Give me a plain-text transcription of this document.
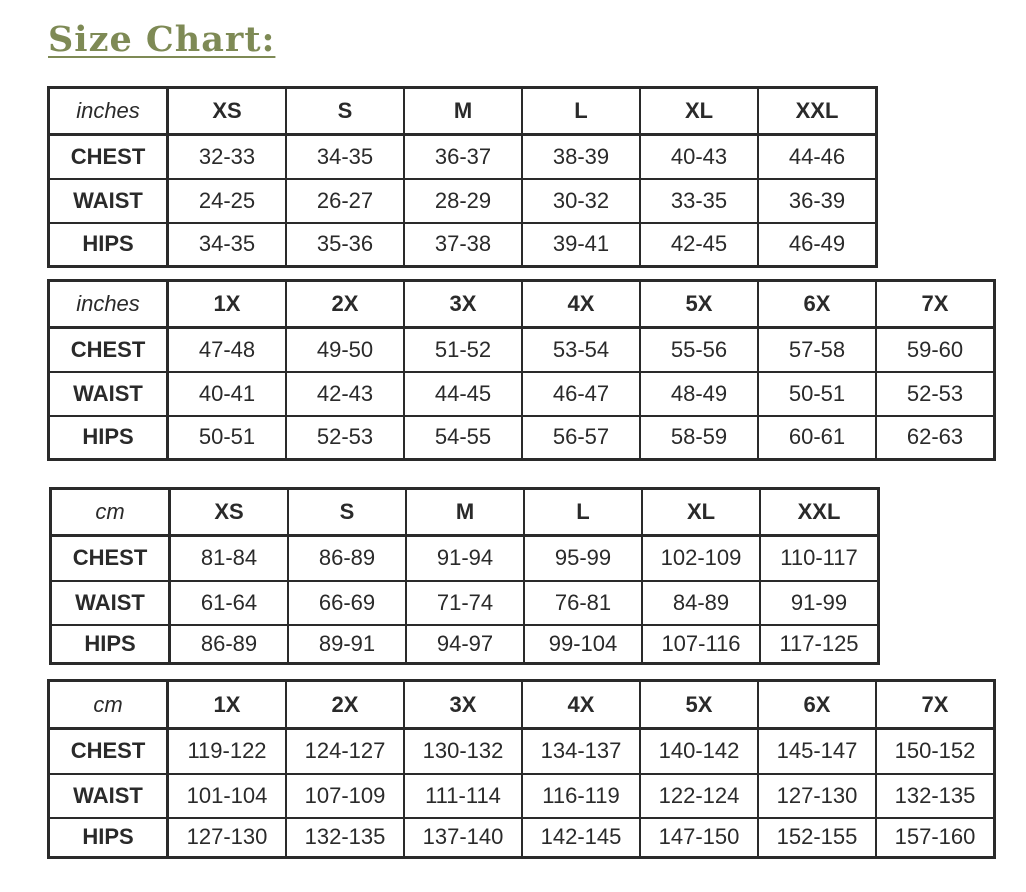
Size Chart:
inches	XS	S	M	L	XL	XXL
CHEST	32-33	34-35	36-37	38-39	40-43	44-46
WAIST	24-25	26-27	28-29	30-32	33-35	36-39
HIPS	34-35	35-36	37-38	39-41	42-45	46-49
inches	1X	2X	3X	4X	5X	6X	7X
CHEST	47-48	49-50	51-52	53-54	55-56	57-58	59-60
WAIST	40-41	42-43	44-45	46-47	48-49	50-51	52-53
HIPS	50-51	52-53	54-55	56-57	58-59	60-61	62-63
cm	XS	S	M	L	XL	XXL
CHEST	81-84	86-89	91-94	95-99	102-109	110-117
WAIST	61-64	66-69	71-74	76-81	84-89	91-99
HIPS	86-89	89-91	94-97	99-104	107-116	117-125
cm	1X	2X	3X	4X	5X	6X	7X
CHEST	119-122	124-127	130-132	134-137	140-142	145-147	150-152
WAIST	101-104	107-109	111-114	116-119	122-124	127-130	132-135
HIPS	127-130	132-135	137-140	142-145	147-150	152-155	157-160
